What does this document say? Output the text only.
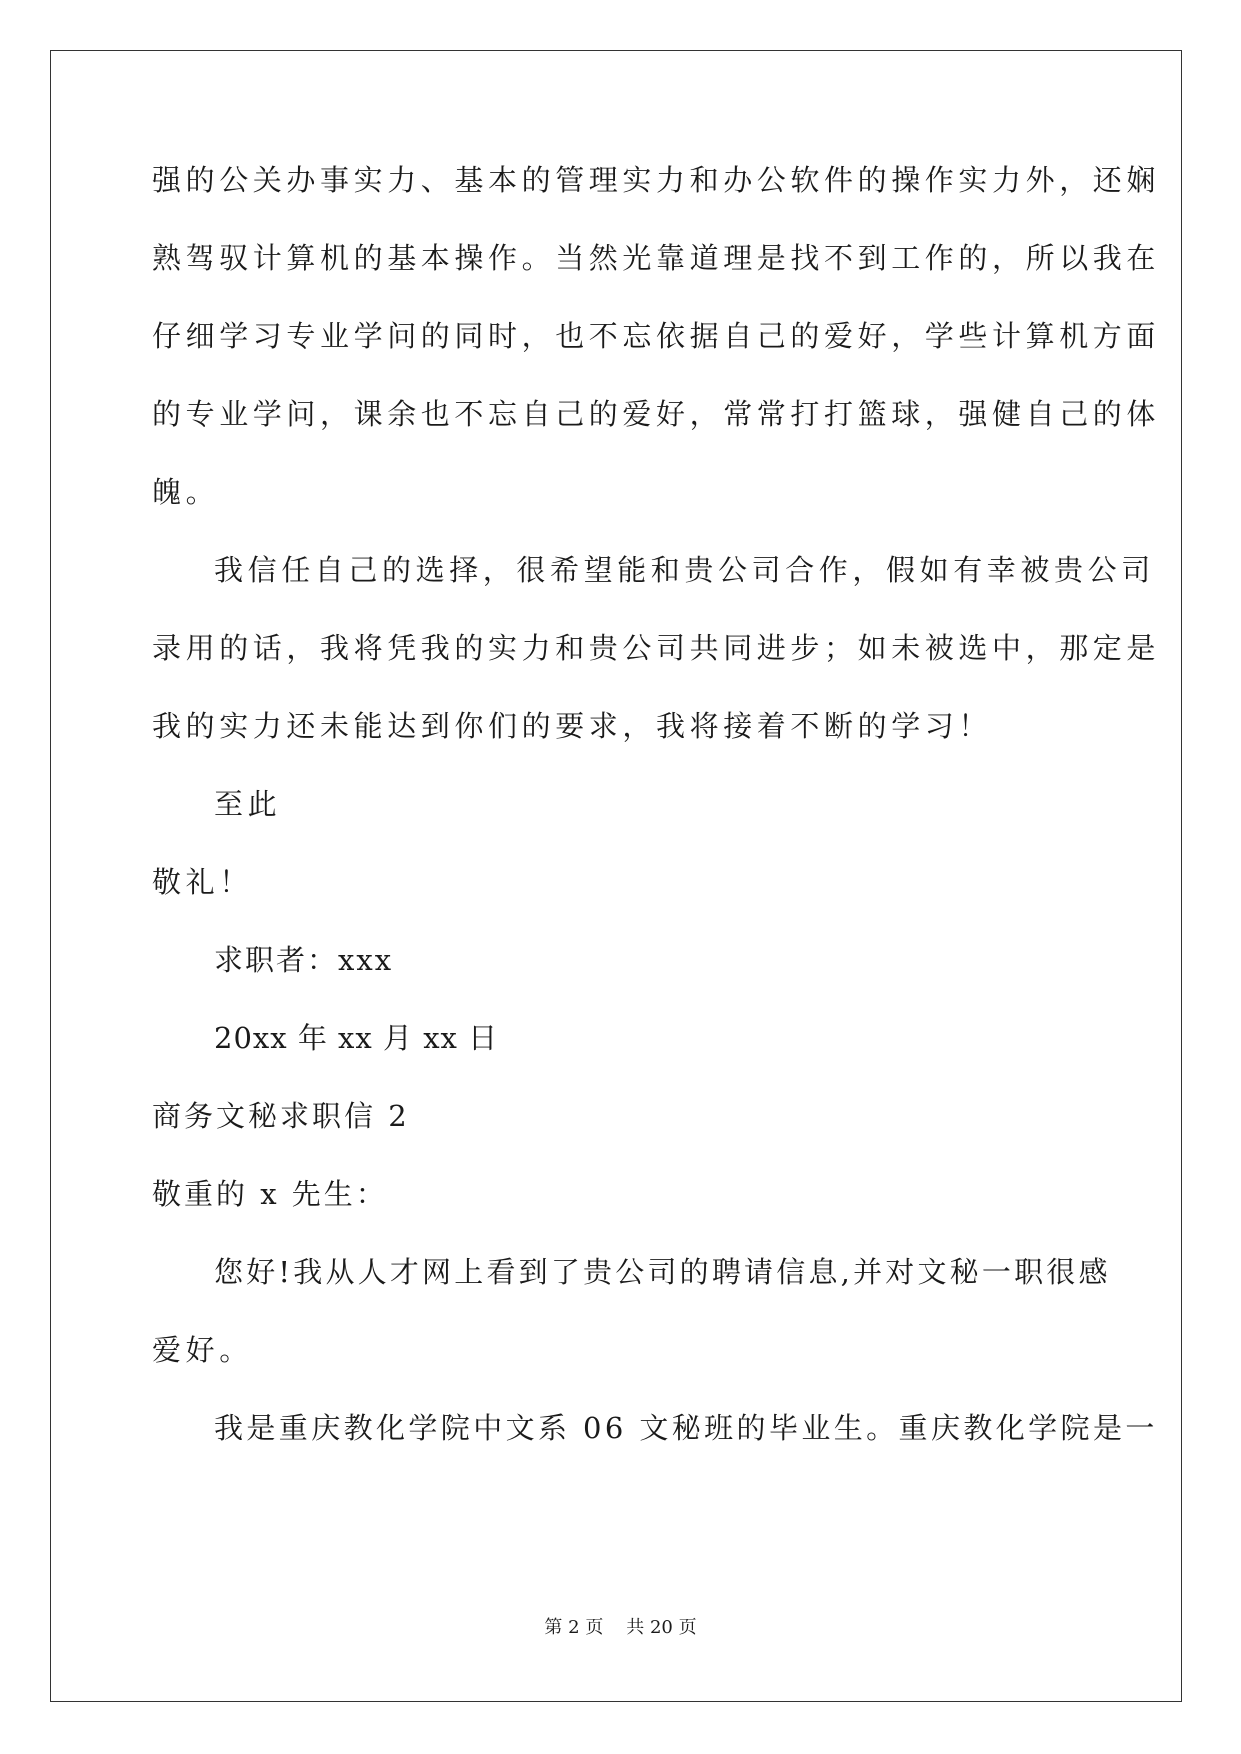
强的公关办事实力、基本的管理实力和办公软件的操作实力外，还娴
熟驾驭计算机的基本操作。当然光靠道理是找不到工作的，所以我在
仔细学习专业学问的同时，也不忘依据自己的爱好，学些计算机方面
的专业学问，课余也不忘自己的爱好，常常打打篮球，强健自己的体
魄。
我信任自己的选择，很希望能和贵公司合作，假如有幸被贵公司
录用的话，我将凭我的实力和贵公司共同进步；如未被选中，那定是
我的实力还未能达到你们的要求，我将接着不断的学习！
至此
敬礼！
求职者：xxx
20xx 年 xx 月 xx 日
商务文秘求职信 2
敬重的 x 先生：
您好!我从人才网上看到了贵公司的聘请信息,并对文秘一职很感
爱好。
我是重庆教化学院中文系 06 文秘班的毕业生。重庆教化学院是一
第 2 页 共 20 页
